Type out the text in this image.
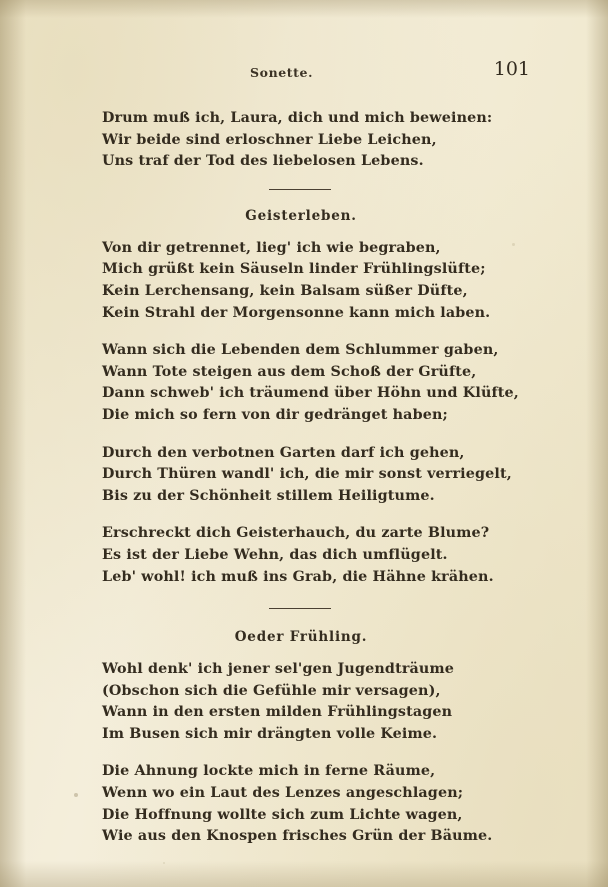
Sonette.	101
Drum muß ich, Laura, dich und mich beweinen:
Wir beide sind erloschner Liebe Leichen,
Uns traf der Tod des liebelosen Lebens.
Geisterleben.
Von dir getrennet, lieg' ich wie begraben,
Mich grüßt kein Säuseln linder Frühlingslüfte;
Kein Lerchensang, kein Balsam süßer Düfte,
Kein Strahl der Morgensonne kann mich laben.
Wann sich die Lebenden dem Schlummer gaben,
Wann Tote steigen aus dem Schoß der Grüfte,
Dann schweb' ich träumend über Höhn und Klüfte,
Die mich so fern von dir gedränget haben;
Durch den verbotnen Garten darf ich gehen,
Durch Thüren wandl' ich, die mir sonst verriegelt,
Bis zu der Schönheit stillem Heiligtume.
Erschreckt dich Geisterhauch, du zarte Blume?
Es ist der Liebe Wehn, das dich umflügelt.
Leb' wohl! ich muß ins Grab, die Hähne krähen.
Oeder Frühling.
Wohl denk' ich jener sel'gen Jugendträume
(Obschon sich die Gefühle mir versagen),
Wann in den ersten milden Frühlingstagen
Im Busen sich mir drängten volle Keime.
Die Ahnung lockte mich in ferne Räume,
Wenn wo ein Laut des Lenzes angeschlagen;
Die Hoffnung wollte sich zum Lichte wagen,
Wie aus den Knospen frisches Grün der Bäume.
